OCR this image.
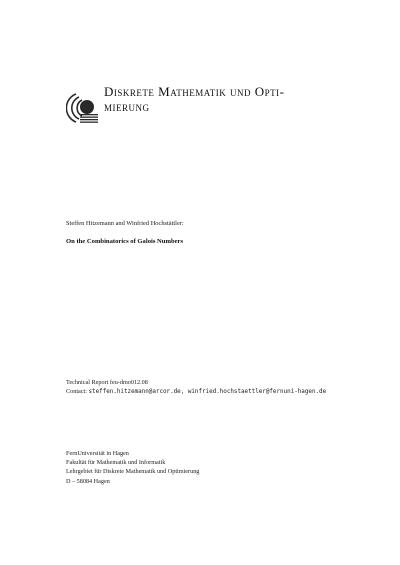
Diskrete Mathematik und Opti-
mierung
Steffen Hitzemann and Winfried Hochstättler:
On the Combinatorics of Galois Numbers
Technical Report feu-dmo012.08
Contact: steffen.hitzemann@arcor.de, winfried.hochstaettler@fernuni-hagen.de
FernUniversität in Hagen
Fakultät für Mathematik und Informatik
Lehrgebiet für Diskrete Mathematik und Optimierung
D – 58084 Hagen
